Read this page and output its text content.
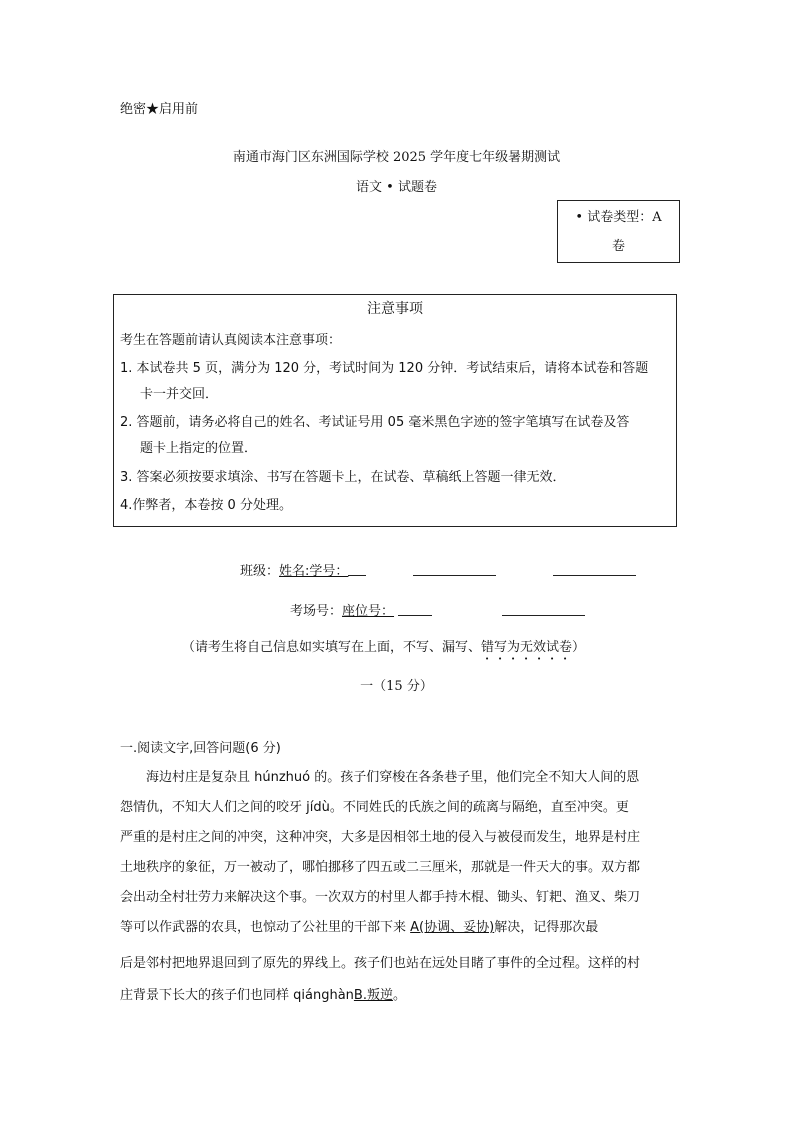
绝密★启用前
南通市海门区东洲国际学校 2025 学年度七年级暑期测试
语文 • 试题卷
• 试卷类型：A
卷
注意事项
考生在答题前请认真阅读本注意事项：
1. 本试卷共 5 页，满分为 120 分，考试时间为 120 分钟．考试结束后，请将本试卷和答题
卡一并交回．
2. 答题前，请务必将自己的姓名、考试证号用 05 毫米黑色字迹的签字笔填写在试卷及答
题卡上指定的位置．
3. 答案必须按要求填涂、书写在答题卡上，在试卷、草稿纸上答题一律无效．
4.作弊者，本卷按 0 分处理。
班级：姓名:学号：
考场号：座位号：
（请考生将自己信息如实填写在上面，不写、漏写、错写为无效试卷）
一（15 分）
一.阅读文字,回答问题(6 分)
海边村庄是复杂且 húnzhuó 的。孩子们穿梭在各条巷子里，他们完全不知大人间的恩
怨情仇，不知大人们之间的咬牙 jídù。不同姓氏的氏族之间的疏离与隔绝，直至冲突。更
严重的是村庄之间的冲突，这种冲突，大多是因相邻土地的侵入与被侵而发生，地界是村庄
土地秩序的象征，万一被动了，哪怕挪移了四五或二三厘米，那就是一件天大的事。双方都
会出动全村壮劳力来解决这个事。一次双方的村里人都手持木棍、锄头、钉耙、渔叉、柴刀
等可以作武器的农具，也惊动了公社里的干部下来 A(协调、妥协)解决，记得那次最
后是邻村把地界退回到了原先的界线上。孩子们也站在远处目睹了事件的全过程。这样的村
庄背景下长大的孩子们也同样 qiánghànB.叛逆。
